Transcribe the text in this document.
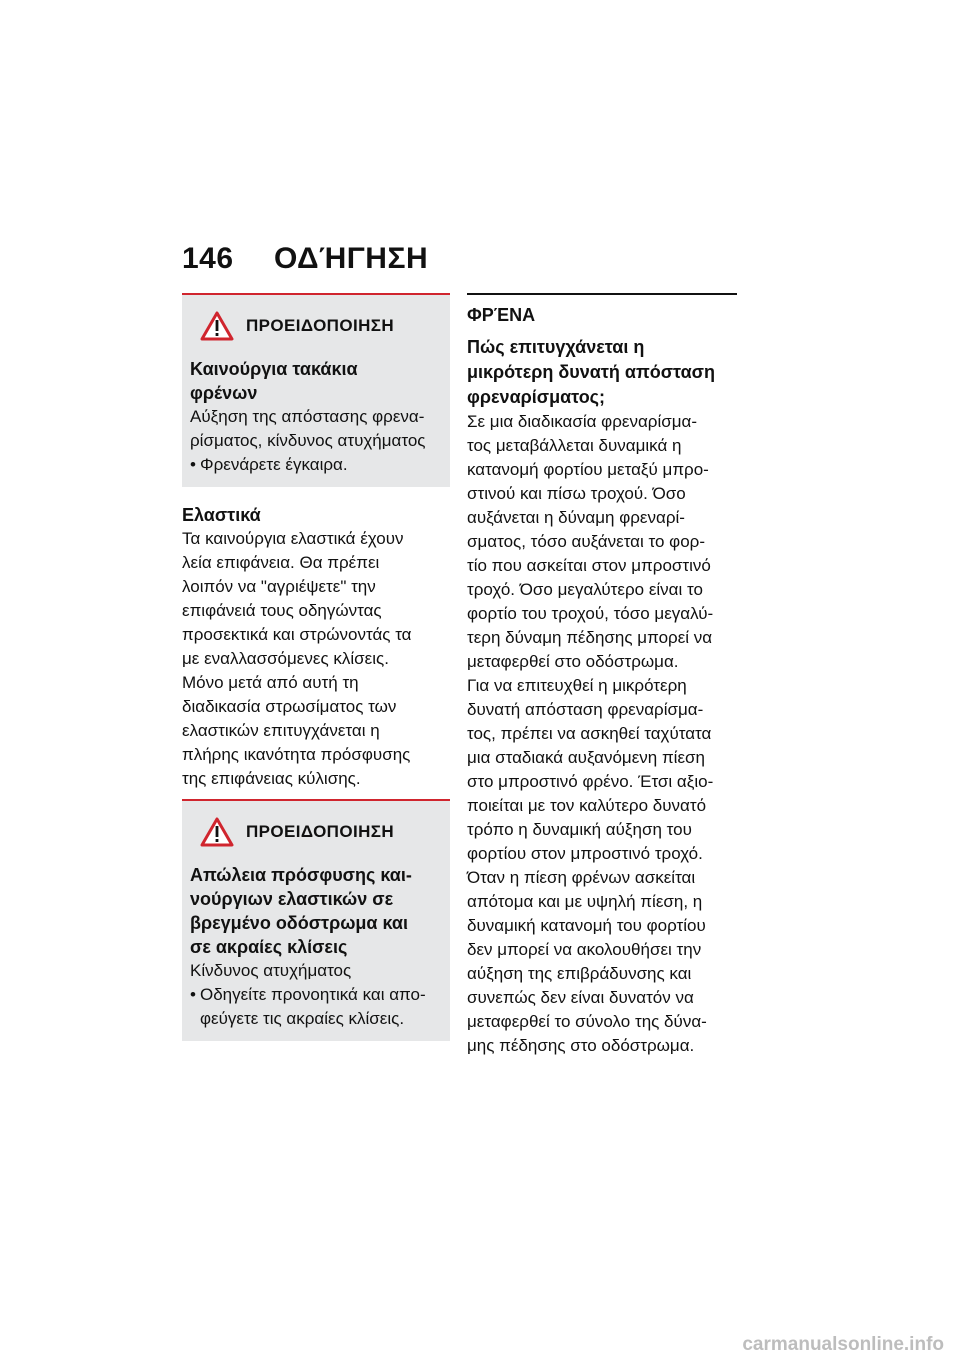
146 ΟΔΉΓΗΣΗ
ΠΡΟΕΙΔΟΠΟΙΗΣΗ
Καινούργια τακάκια
φρένων
Αύξηση της απόστασης φρενα-
ρίσματος, κίνδυνος ατυχήματος
• Φρενάρετε έγκαιρα.
Ελαστικά
Τα καινούργια ελαστικά έχουν
λεία επιφάνεια. Θα πρέπει
λοιπόν να "αγριέψετε" την
επιφάνειά τους οδηγώντας
προσεκτικά και στρώνοντάς τα
με εναλλασσόμενες κλίσεις.
Μόνο μετά από αυτή τη
διαδικασία στρωσίματος των
ελαστικών επιτυγχάνεται η
πλήρης ικανότητα πρόσφυσης
της επιφάνειας κύλισης.
ΠΡΟΕΙΔΟΠΟΙΗΣΗ
Απώλεια πρόσφυσης και-
νούργιων ελαστικών σε
βρεγμένο οδόστρωμα και
σε ακραίες κλίσεις
Κίνδυνος ατυχήματος
• Οδηγείτε προνοητικά και απο-
φεύγετε τις ακραίες κλίσεις.
ΦΡΈΝΑ
Πώς επιτυγχάνεται η
μικρότερη δυνατή απόσταση
φρεναρίσματος;
Σε μια διαδικασία φρεναρίσμα-
τος μεταβάλλεται δυναμικά η
κατανομή φορτίου μεταξύ μπρο-
στινού και πίσω τροχού. Όσο
αυξάνεται η δύναμη φρεναρί-
σματος, τόσο αυξάνεται το φορ-
τίο που ασκείται στον μπροστινό
τροχό. Όσο μεγαλύτερο είναι το
φορτίο του τροχού, τόσο μεγαλύ-
τερη δύναμη πέδησης μπορεί να
μεταφερθεί στο οδόστρωμα.
Για να επιτευχθεί η μικρότερη
δυνατή απόσταση φρεναρίσμα-
τος, πρέπει να ασκηθεί ταχύτατα
μια σταδιακά αυξανόμενη πίεση
στο μπροστινό φρένο. Έτσι αξιο-
ποιείται με τον καλύτερο δυνατό
τρόπο η δυναμική αύξηση του
φορτίου στον μπροστινό τροχό.
Όταν η πίεση φρένων ασκείται
απότομα και με υψηλή πίεση, η
δυναμική κατανομή του φορτίου
δεν μπορεί να ακολουθήσει την
αύξηση της επιβράδυνσης και
συνεπώς δεν είναι δυνατόν να
μεταφερθεί το σύνολο της δύνα-
μης πέδησης στο οδόστρωμα.
carmanualsonline.info
